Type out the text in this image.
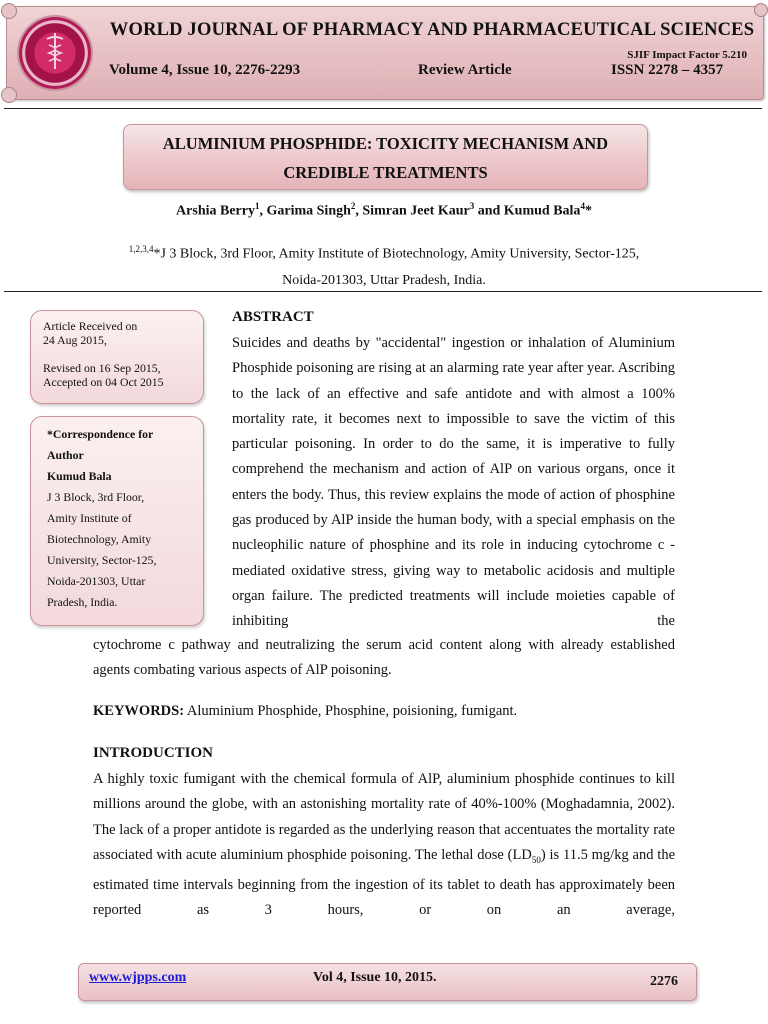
WORLD JOURNAL OF PHARMACY AND PHARMACEUTICAL SCIENCES
SJIF Impact Factor 5.210
Volume 4, Issue 10, 2276-2293	Review Article	ISSN 2278 – 4357
ALUMINIUM PHOSPHIDE: TOXICITY MECHANISM AND
CREDIBLE TREATMENTS
Arshia Berry$^1$, Garima Singh$^2$, Simran Jeet Kaur$^3$ and Kumud Bala$^4$*
$^{1,2,3,4}$*J 3 Block, 3rd Floor, Amity Institute of Biotechnology, Amity University, Sector-125,
Noida-201303, Uttar Pradesh, India.

Article Received on

24 Aug 2015,

Revised on 16 Sep 2015,

Accepted on 04 Oct 2015

*Correspondence for

Author

Kumud Bala

J 3 Block, 3rd Floor,

Amity Institute of

Biotechnology, Amity

University, Sector-125,

Noida-201303, Uttar

Pradesh, India.

ABSTRACT
Suicides and deaths by "accidental" ingestion or inhalation of Aluminium Phosphide poisoning are rising at an alarming rate year after year. Ascribing to the lack of an effective and safe antidote and with almost a 100% mortality rate, it becomes next to impossible to save the victim of this particular poisoning. In order to do the same, it is imperative to fully comprehend the mechanism and action of AlP on various organs, once it enters the body. Thus, this review explains the mode of action of phosphine gas produced by AlP inside the human body, with a special emphasis on the nucleophilic nature of phosphine and its role in inducing cytochrome c - mediated oxidative stress, giving way to metabolic acidosis and multiple organ failure. The predicted treatments will include moieties capable of inhibiting the
cytochrome c pathway and neutralizing the serum acid content along with already established agents combating various aspects of AlP poisoning.
KEYWORDS: Aluminium Phosphide, Phosphine, poisioning, fumigant.
INTRODUCTION
A highly toxic fumigant with the chemical formula of AlP, aluminium phosphide continues to kill millions around the globe, with an astonishing mortality rate of 40%-100% (Moghadamnia, 2002). The lack of a proper antidote is regarded as the underlying reason that accentuates the mortality rate associated with acute aluminium phosphide poisoning. The lethal dose $(LD_{50})$ is 11.5 mg/kg and the estimated time intervals beginning from the ingestion of its tablet to death has approximately been reported as 3 hours, or on an average,
www.wjpps.com	Vol 4, Issue 10, 2015.	2276
